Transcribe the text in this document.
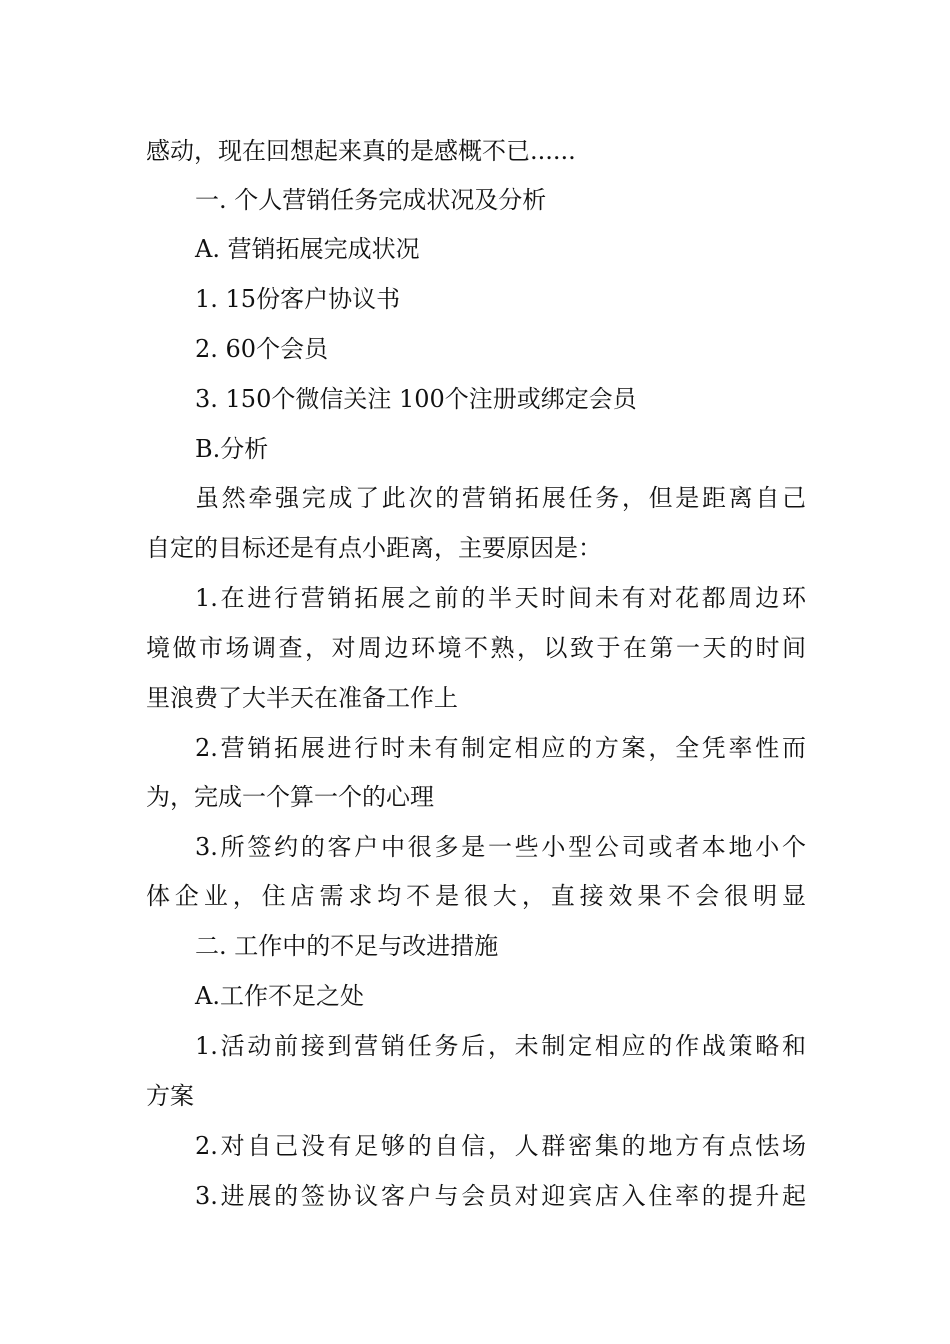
感动，现在回想起来真的是感概不已......
一. 个人营销任务完成状况及分析
A. 营销拓展完成状况
1. 15份客户协议书
2. 60个会员
3. 150个微信关注 100个注册或绑定会员
B.分析
虽然牵强完成了此次的营销拓展任务，但是距离自己
自定的目标还是有点小距离，主要原因是：
1.在进行营销拓展之前的半天时间未有对花都周边环
境做市场调查，对周边环境不熟，以致于在第一天的时间
里浪费了大半天在准备工作上
2.营销拓展进行时未有制定相应的方案，全凭率性而
为，完成一个算一个的心理
3.所签约的客户中很多是一些小型公司或者本地小个
体企业，住店需求均不是很大，直接效果不会很明显
二. 工作中的不足与改进措施
A.工作不足之处
1.活动前接到营销任务后，未制定相应的作战策略和
方案
2.对自己没有足够的自信，人群密集的地方有点怯场
3.进展的签协议客户与会员对迎宾店入住率的提升起
